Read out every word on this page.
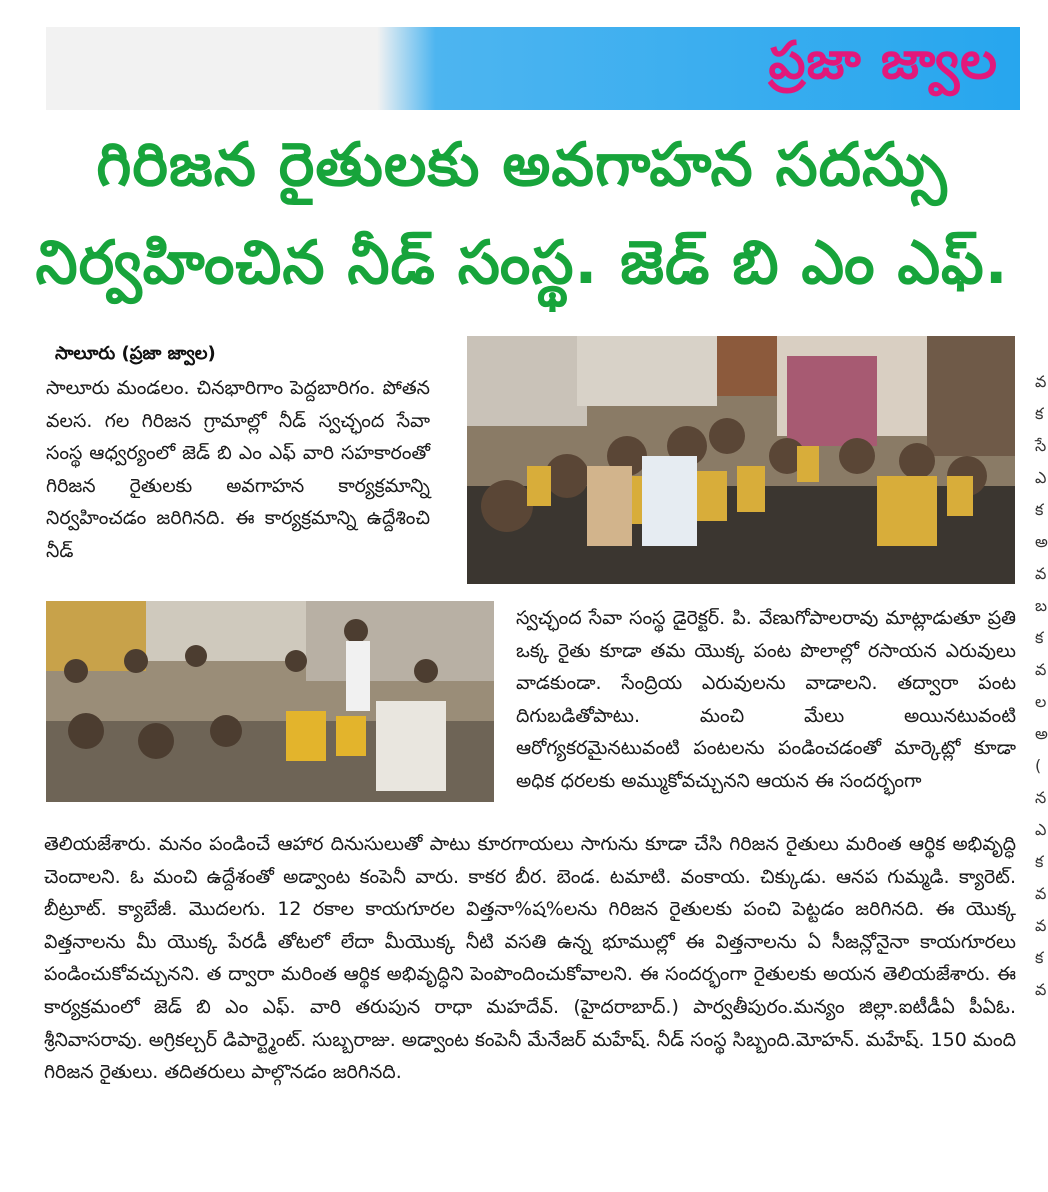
ప్రజా జ్వాల
గిరిజన రైతులకు అవగాహన సదస్సు
నిర్వహించిన నీడ్ సంస్థ. జెడ్ బి ఎం ఎఫ్.
సాలూరు (ప్రజా జ్వాల)
సాలూరు మండలం. చినభారిగాం పెద్దబారిగం. పోతన వలస. గల గిరిజన గ్రామాల్లో నీడ్ స్వచ్ఛంద సేవా సంస్థ ఆధ్వర్యంలో జెడ్ బి ఎం ఎఫ్ వారి సహకారంతో గిరిజన రైతులకు అవగాహన కార్యక్రమాన్ని నిర్వహించడం జరిగినది. ఈ కార్యక్రమాన్ని ఉద్దేశించి నీడ్
స్వచ్ఛంద సేవా సంస్థ డైరెక్టర్. పి. వేణుగోపాలరావు మాట్లాడుతూ ప్రతి ఒక్క రైతు కూడా తమ యొక్క పంట పొలాల్లో రసాయన ఎరువులు వాడకుండా. సేంద్రియ ఎరువులను వాడాలని. తద్వారా పంట దిగుబడితోపాటు. మంచి మేలు అయినటువంటి ఆరోగ్యకరమైనటువంటి పంటలను పండించడంతో మార్కెట్లో కూడా అధిక ధరలకు అమ్ముకోవచ్చునని ఆయన ఈ సందర్భంగా
తెలియజేశారు. మనం పండించే ఆహార దినుసులుతో పాటు కూరగాయలు సాగును కూడా చేసి గిరిజన రైతులు మరింత ఆర్థిక అభివృద్ధి చెందాలని. ఓ మంచి ఉద్దేశంతో అడ్వాంట కంపెనీ వారు. కాకర బీర. బెండ. టమాటి. వంకాయ. చిక్కుడు. ఆనప గుమ్మడి. క్యారెట్. బీట్రూట్. క్యాబేజీ. మొదలగు. 12 రకాల కాయగూరల విత్తనా%ష%లను గిరిజన రైతులకు పంచి పెట్టడం జరిగినది. ఈ యొక్క విత్తనాలను మీ యొక్క పేరడీ తోటలో లేదా మీయొక్క నీటి వసతి ఉన్న భూముల్లో ఈ విత్తనాలను ఏ సీజన్లోనైనా కాయగూరలు పండించుకోవచ్చునని. త ద్వారా మరింత ఆర్థిక అభివృద్ధిని పెంపొందించుకోవాలని. ఈ సందర్భంగా రైతులకు అయన తెలియజేశారు. ఈ కార్యక్రమంలో జెడ్ బి ఎం ఎఫ్. వారి తరుపున రాధా మహదేవ్. (హైదరాబాద్.) పార్వతీపురం.మన్యం జిల్లా.ఐటీడీఏ పీఏఓ. శ్రీనివాసరావు. అగ్రికల్చర్ డిపార్ట్మెంట్. సుబ్బరాజు. అడ్వాంట కంపెనీ మేనేజర్ మహేష్. నీడ్ సంస్థ సిబ్బంది.మోహన్. మహేష్. 150 మంది గిరిజన రైతులు. తదితరులు పాల్గొనడం జరిగినది.
వ
క
సే
ఎ
క
అ
వ
బ
క
వ
ల
అ
(
న
ఎ
క
వ
వ
క
వ
